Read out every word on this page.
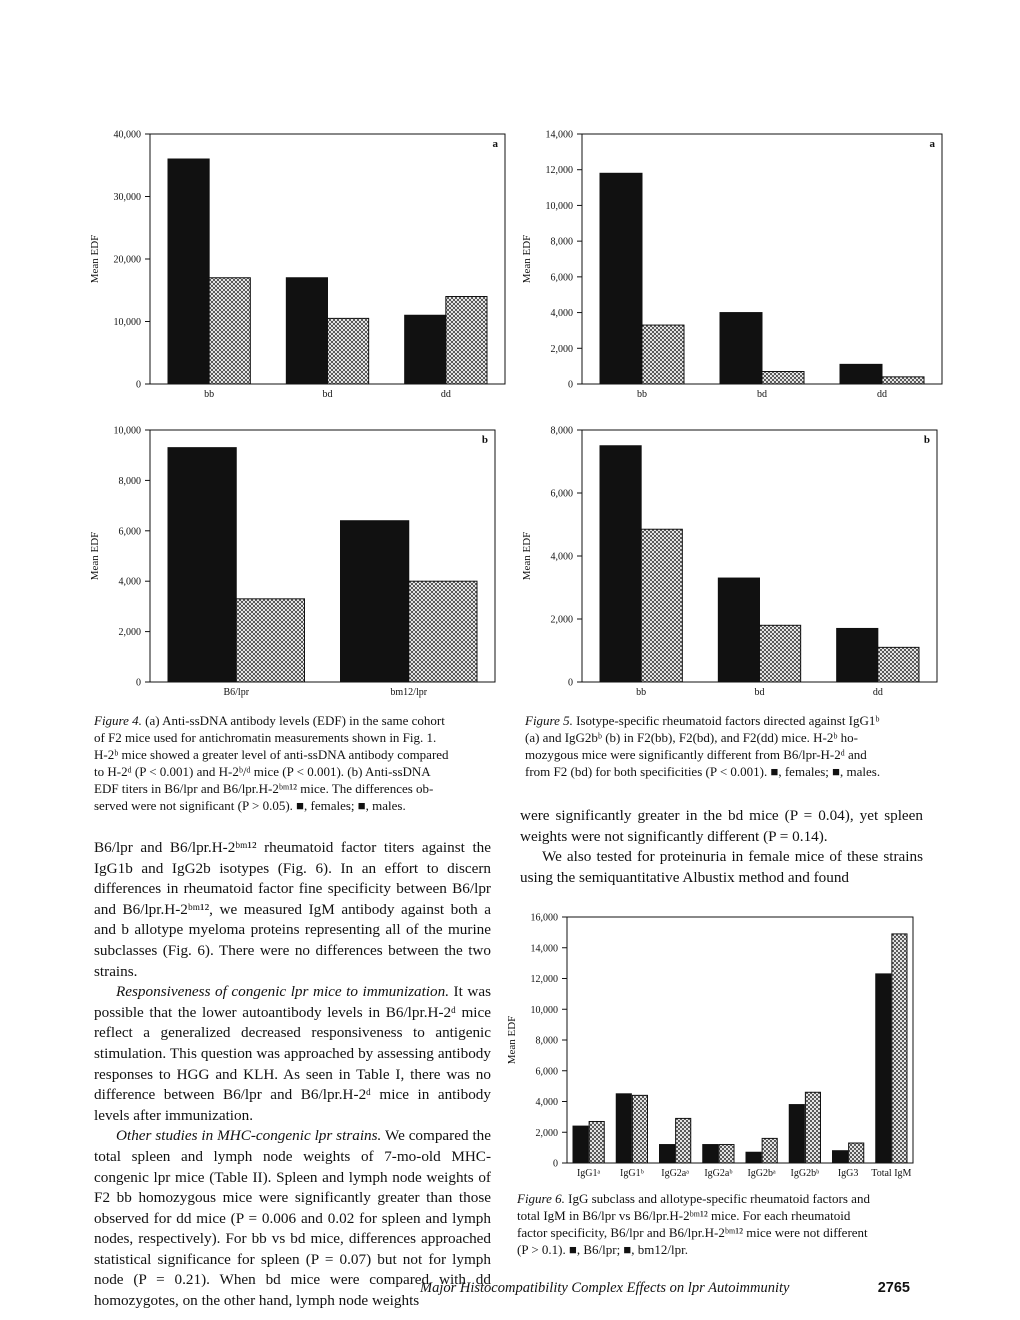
0
10,000
20,000
30,000
40,000
Mean EDF
a
bb	bd	dd
0
2,000
4,000
6,000
8,000
10,000
12,000
14,000
Mean EDF
a
bb	bd	dd
0
2,000
4,000
6,000
8,000
10,000
Mean EDF
b
B6/lpr	bm12/lpr
0
2,000
4,000
6,000
8,000
Mean EDF
b
bb	bd	dd
0
2,000
4,000
6,000
8,000
10,000
12,000
14,000
16,000
Mean EDF
IgG1ᵃ IgG1ᵇ IgG2aᵃ IgG2aᵇ IgG2bᵃ IgG2bᵇ IgG3 Total IgM
Figure 4. (a) Anti-ssDNA antibody levels (EDF) in the same cohort
of F2 mice used for antichromatin measurements shown in Fig. 1.
H-2ᵇ mice showed a greater level of anti-ssDNA antibody compared
to H-2ᵈ (P < 0.001) and H-2ᵇ/ᵈ mice (P < 0.001). (b) Anti-ssDNA
EDF titers in B6/lpr and B6/lpr.H-2ᵇᵐ¹² mice. The differences ob-
served were not significant (P > 0.05). ■, females; ■, males.
Figure 5. Isotype-specific rheumatoid factors directed against IgG1ᵇ
(a) and IgG2bᵇ (b) in F2(bb), F2(bd), and F2(dd) mice. H-2ᵇ ho-
mozygous mice were significantly different from B6/lpr-H-2ᵈ and
from F2 (bd) for both specificities (P < 0.001). ■, females; ■, males.

B6/lpr and B6/lpr.H-2ᵇᵐ¹² rheumatoid factor titers against the IgG1b and IgG2b isotypes (Fig. 6). In an effort to discern differences in rheumatoid factor fine specificity between B6/lpr and B6/lpr.H-2ᵇᵐ¹², we measured IgM antibody against both a and b allotype myeloma proteins representing all of the murine subclasses (Fig. 6). There were no differences between the two strains.

Responsiveness of congenic lpr mice to immunization. It was possible that the lower autoantibody levels in B6/lpr.H-2ᵈ mice reflect a generalized decreased responsiveness to antigenic stimulation. This question was approached by assessing antibody responses to HGG and KLH. As seen in Table I, there was no difference between B6/lpr and B6/lpr.H-2ᵈ mice in antibody levels after immunization.

Other studies in MHC-congenic lpr strains. We compared the total spleen and lymph node weights of 7-mo-old MHC-congenic lpr mice (Table II). Spleen and lymph node weights of F2 bb homozygous mice were significantly greater than those observed for dd mice (P = 0.006 and 0.02 for spleen and lymph nodes, respectively). For bb vs bd mice, differences approached statistical significance for spleen (P = 0.07) but not for lymph node (P = 0.21). When bd mice were compared with dd homozygotes, on the other hand, lymph node weights

were significantly greater in the bd mice (P = 0.04), yet spleen weights were not significantly different (P = 0.14).

We also tested for proteinuria in female mice of these strains using the semiquantitative Albustix method and found

Figure 6. IgG subclass and allotype-specific rheumatoid factors and
total IgM in B6/lpr vs B6/lpr.H-2ᵇᵐ¹² mice. For each rheumatoid
factor specificity, B6/lpr and B6/lpr.H-2ᵇᵐ¹² mice were not different
(P > 0.1). ■, B6/lpr; ■, bm12/lpr.
Major Histocompatibility Complex Effects on lpr Autoimmunity	2765
